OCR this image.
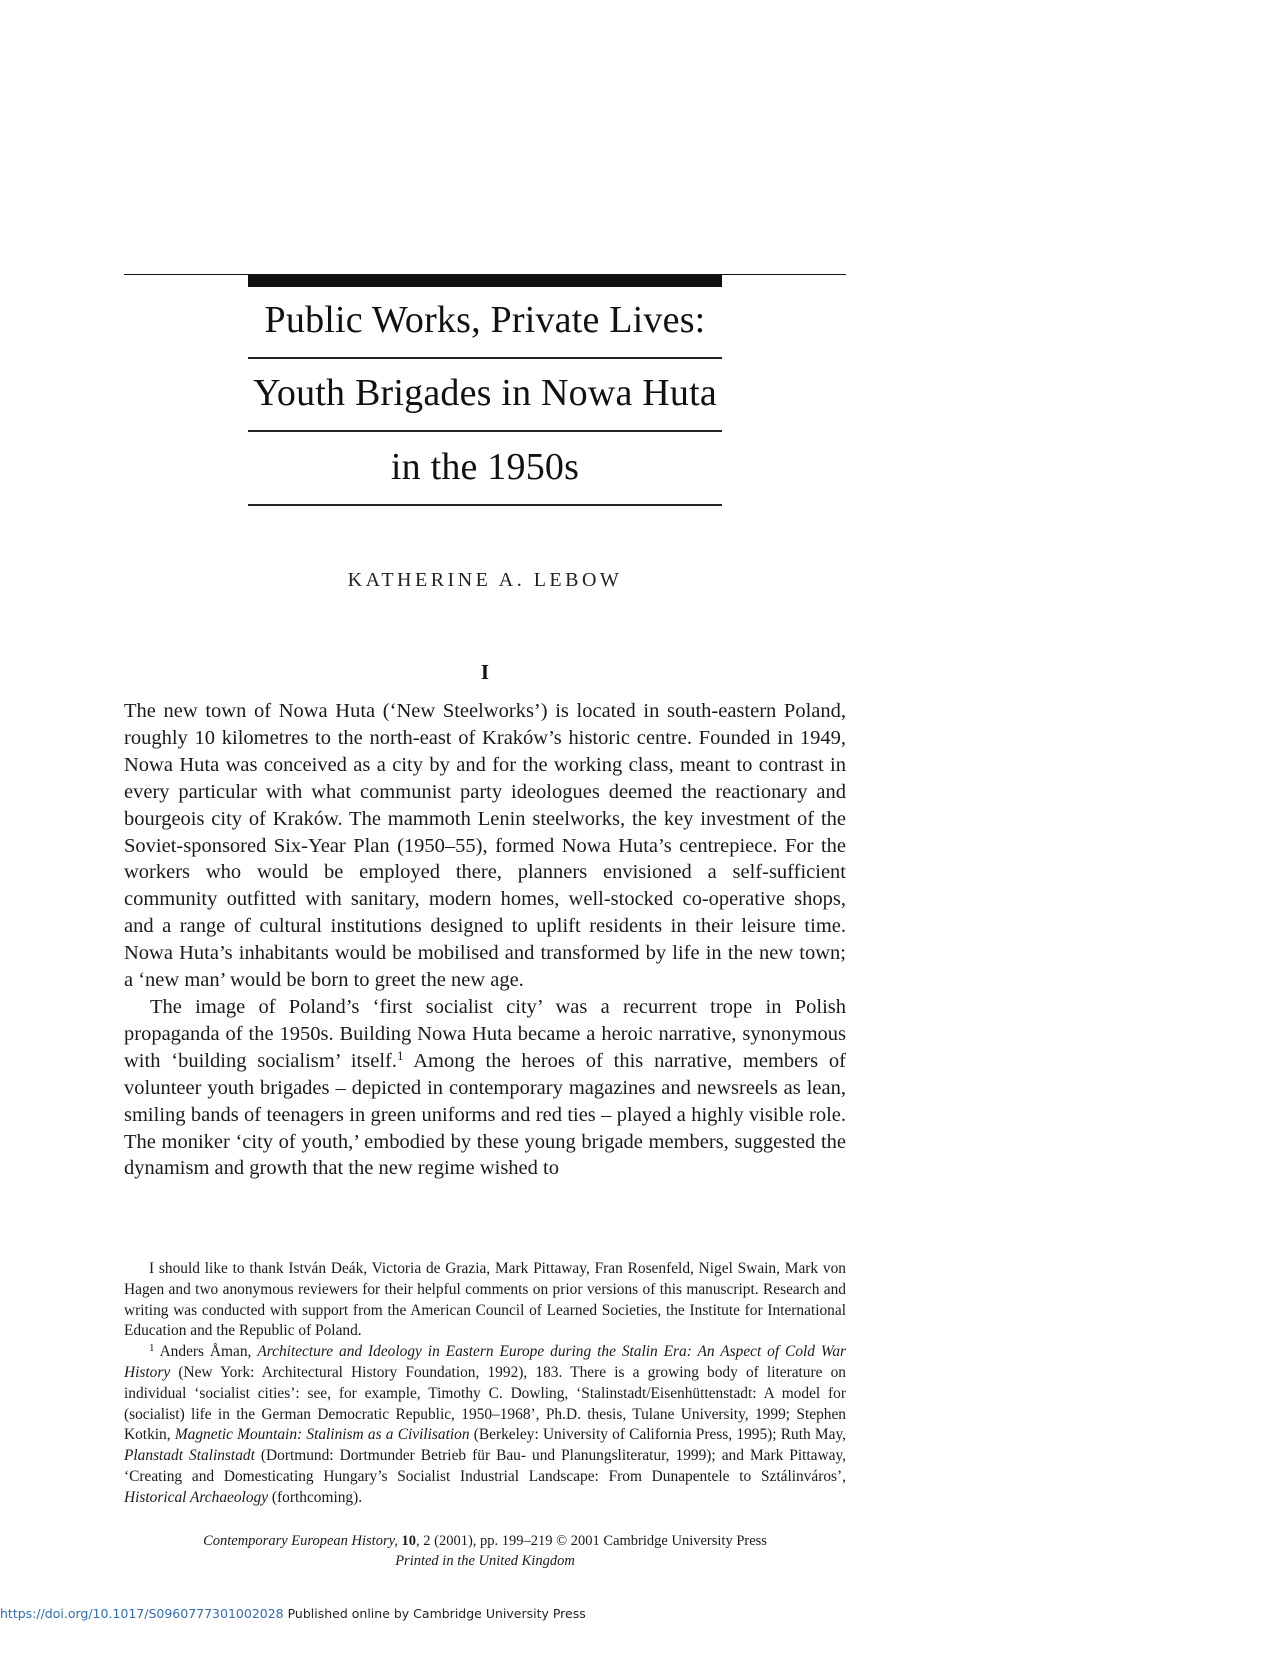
Public Works, Private Lives:
Youth Brigades in Nowa Huta
in the 1950s
KATHERINE A. LEBOW
I

The new town of Nowa Huta (‘New Steelworks’) is located in south-eastern Poland, roughly 10 kilometres to the north-east of Kraków’s historic centre. Founded in 1949, Nowa Huta was conceived as a city by and for the working class, meant to contrast in every particular with what communist party ideologues deemed the reactionary and bourgeois city of Kraków. The mammoth Lenin steelworks, the key investment of the Soviet-sponsored Six-Year Plan (1950–55), formed Nowa Huta’s centrepiece. For the workers who would be employed there, planners envisioned a self-sufficient community outfitted with sanitary, modern homes, well-stocked co-operative shops, and a range of cultural institutions designed to uplift residents in their leisure time. Nowa Huta’s inhabitants would be mobilised and transformed by life in the new town; a ‘new man’ would be born to greet the new age.

The image of Poland’s ‘first socialist city’ was a recurrent trope in Polish propaganda of the 1950s. Building Nowa Huta became a heroic narrative, synonymous with ‘building socialism’ itself.$^1$ Among the heroes of this narrative, members of volunteer youth brigades – depicted in contemporary magazines and newsreels as lean, smiling bands of teenagers in green uniforms and red ties – played a highly visible role. The moniker ‘city of youth,’ embodied by these young brigade members, suggested the dynamism and growth that the new regime wished to

I should like to thank István Deák, Victoria de Grazia, Mark Pittaway, Fran Rosenfeld, Nigel Swain, Mark von Hagen and two anonymous reviewers for their helpful comments on prior versions of this manuscript. Research and writing was conducted with support from the American Council of Learned Societies, the Institute for International Education and the Republic of Poland.

$^1$ Anders Åman, Architecture and Ideology in Eastern Europe during the Stalin Era: An Aspect of Cold War History (New York: Architectural History Foundation, 1992), 183. There is a growing body of literature on individual ‘socialist cities’: see, for example, Timothy C. Dowling, ‘Stalinstadt/Eisenhüttenstadt: A model for (socialist) life in the German Democratic Republic, 1950–1968’, Ph.D. thesis, Tulane University, 1999; Stephen Kotkin, Magnetic Mountain: Stalinism as a Civilisation (Berkeley: University of California Press, 1995); Ruth May, Planstadt Stalinstadt (Dortmund: Dortmunder Betrieb für Bau- und Planungsliteratur, 1999); and Mark Pittaway, ‘Creating and Domesticating Hungary’s Socialist Industrial Landscape: From Dunapentele to Sztálinváros’, Historical Archaeology (forthcoming).

Contemporary European History, 10, 2 (2001), pp. 199–219 © 2001 Cambridge University Press
Printed in the United Kingdom
https://doi.org/10.1017/S0960777301002028 Published online by Cambridge University Press
